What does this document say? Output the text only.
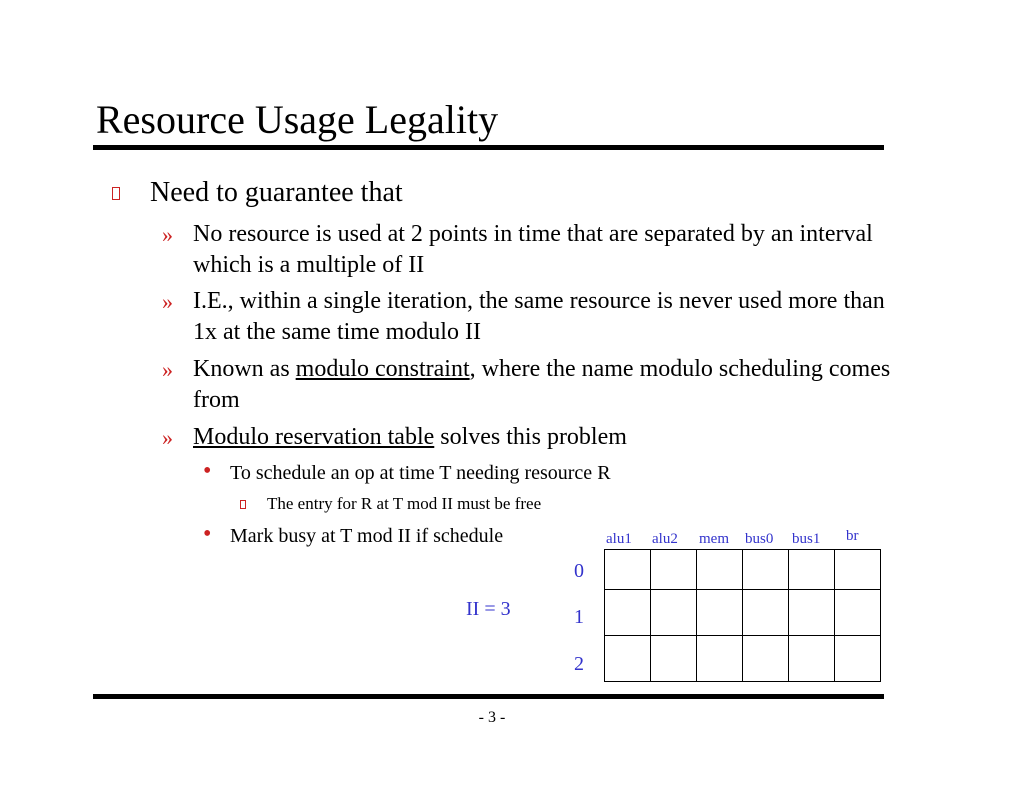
Resource Usage Legality
Need to guarantee that
» No resource is used at 2 points in time that are separated by an interval which is a multiple of II
» I.E., within a single iteration, the same resource is never used more than 1x at the same time modulo II
» Known as modulo constraint, where the name modulo scheduling comes from
» Modulo reservation table solves this problem
• To schedule an op at time T needing resource R
The entry for R at T mod II must be free
• Mark busy at T mod II if schedule	alu1 alu2 mem bus0 bus1 br
0
1
2
II = 3

- 3 -
